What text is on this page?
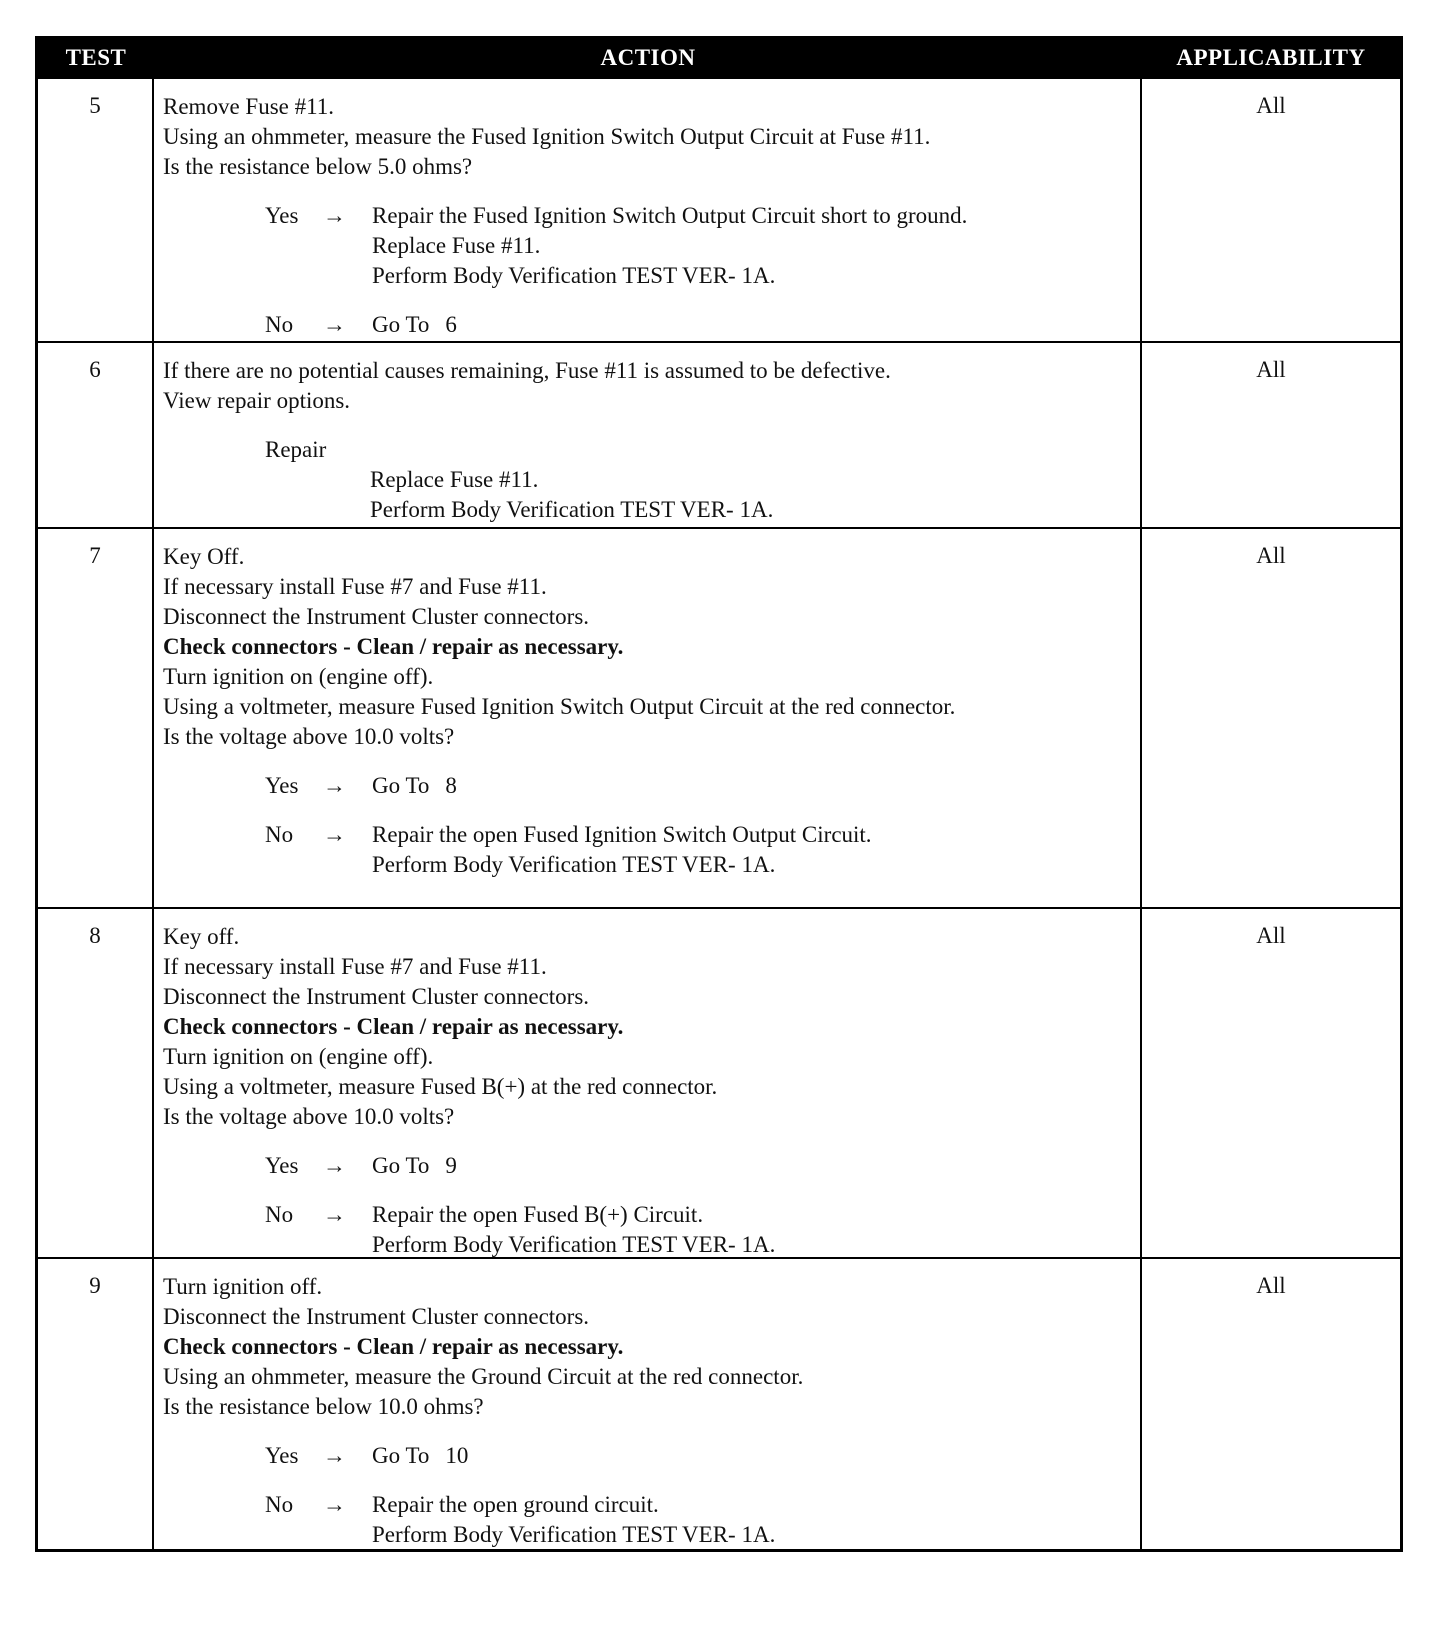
TEST	ACTION	APPLICABILITY
5	Remove Fuse #11.
Using an ohmmeter, measure the Fused Ignition Switch Output Circuit at Fuse #11.
Is the resistance below 5.0 ohms?
Yes	→	Repair the Fused Ignition Switch Output Circuit short to ground.
Replace Fuse #11.
Perform Body Verification TEST VER- 1A.
No	→	Go To 6
All
6	If there are no potential causes remaining, Fuse #11 is assumed to be defective.
View repair options.
Repair
Replace Fuse #11.
Perform Body Verification TEST VER- 1A.
All
7	Key Off.
If necessary install Fuse #7 and Fuse #11.
Disconnect the Instrument Cluster connectors.
Check connectors - Clean / repair as necessary.
Turn ignition on (engine off).
Using a voltmeter, measure Fused Ignition Switch Output Circuit at the red connector.
Is the voltage above 10.0 volts?
Yes	→	Go To 8
No	→	Repair the open Fused Ignition Switch Output Circuit.
Perform Body Verification TEST VER- 1A.
All
8	Key off.
If necessary install Fuse #7 and Fuse #11.
Disconnect the Instrument Cluster connectors.
Check connectors - Clean / repair as necessary.
Turn ignition on (engine off).
Using a voltmeter, measure Fused B(+) at the red connector.
Is the voltage above 10.0 volts?
Yes	→	Go To 9
No	→	Repair the open Fused B(+) Circuit.
Perform Body Verification TEST VER- 1A.
All
9	Turn ignition off.
Disconnect the Instrument Cluster connectors.
Check connectors - Clean / repair as necessary.
Using an ohmmeter, measure the Ground Circuit at the red connector.
Is the resistance below 10.0 ohms?
Yes	→	Go To 10
No	→	Repair the open ground circuit.
Perform Body Verification TEST VER- 1A.
All
